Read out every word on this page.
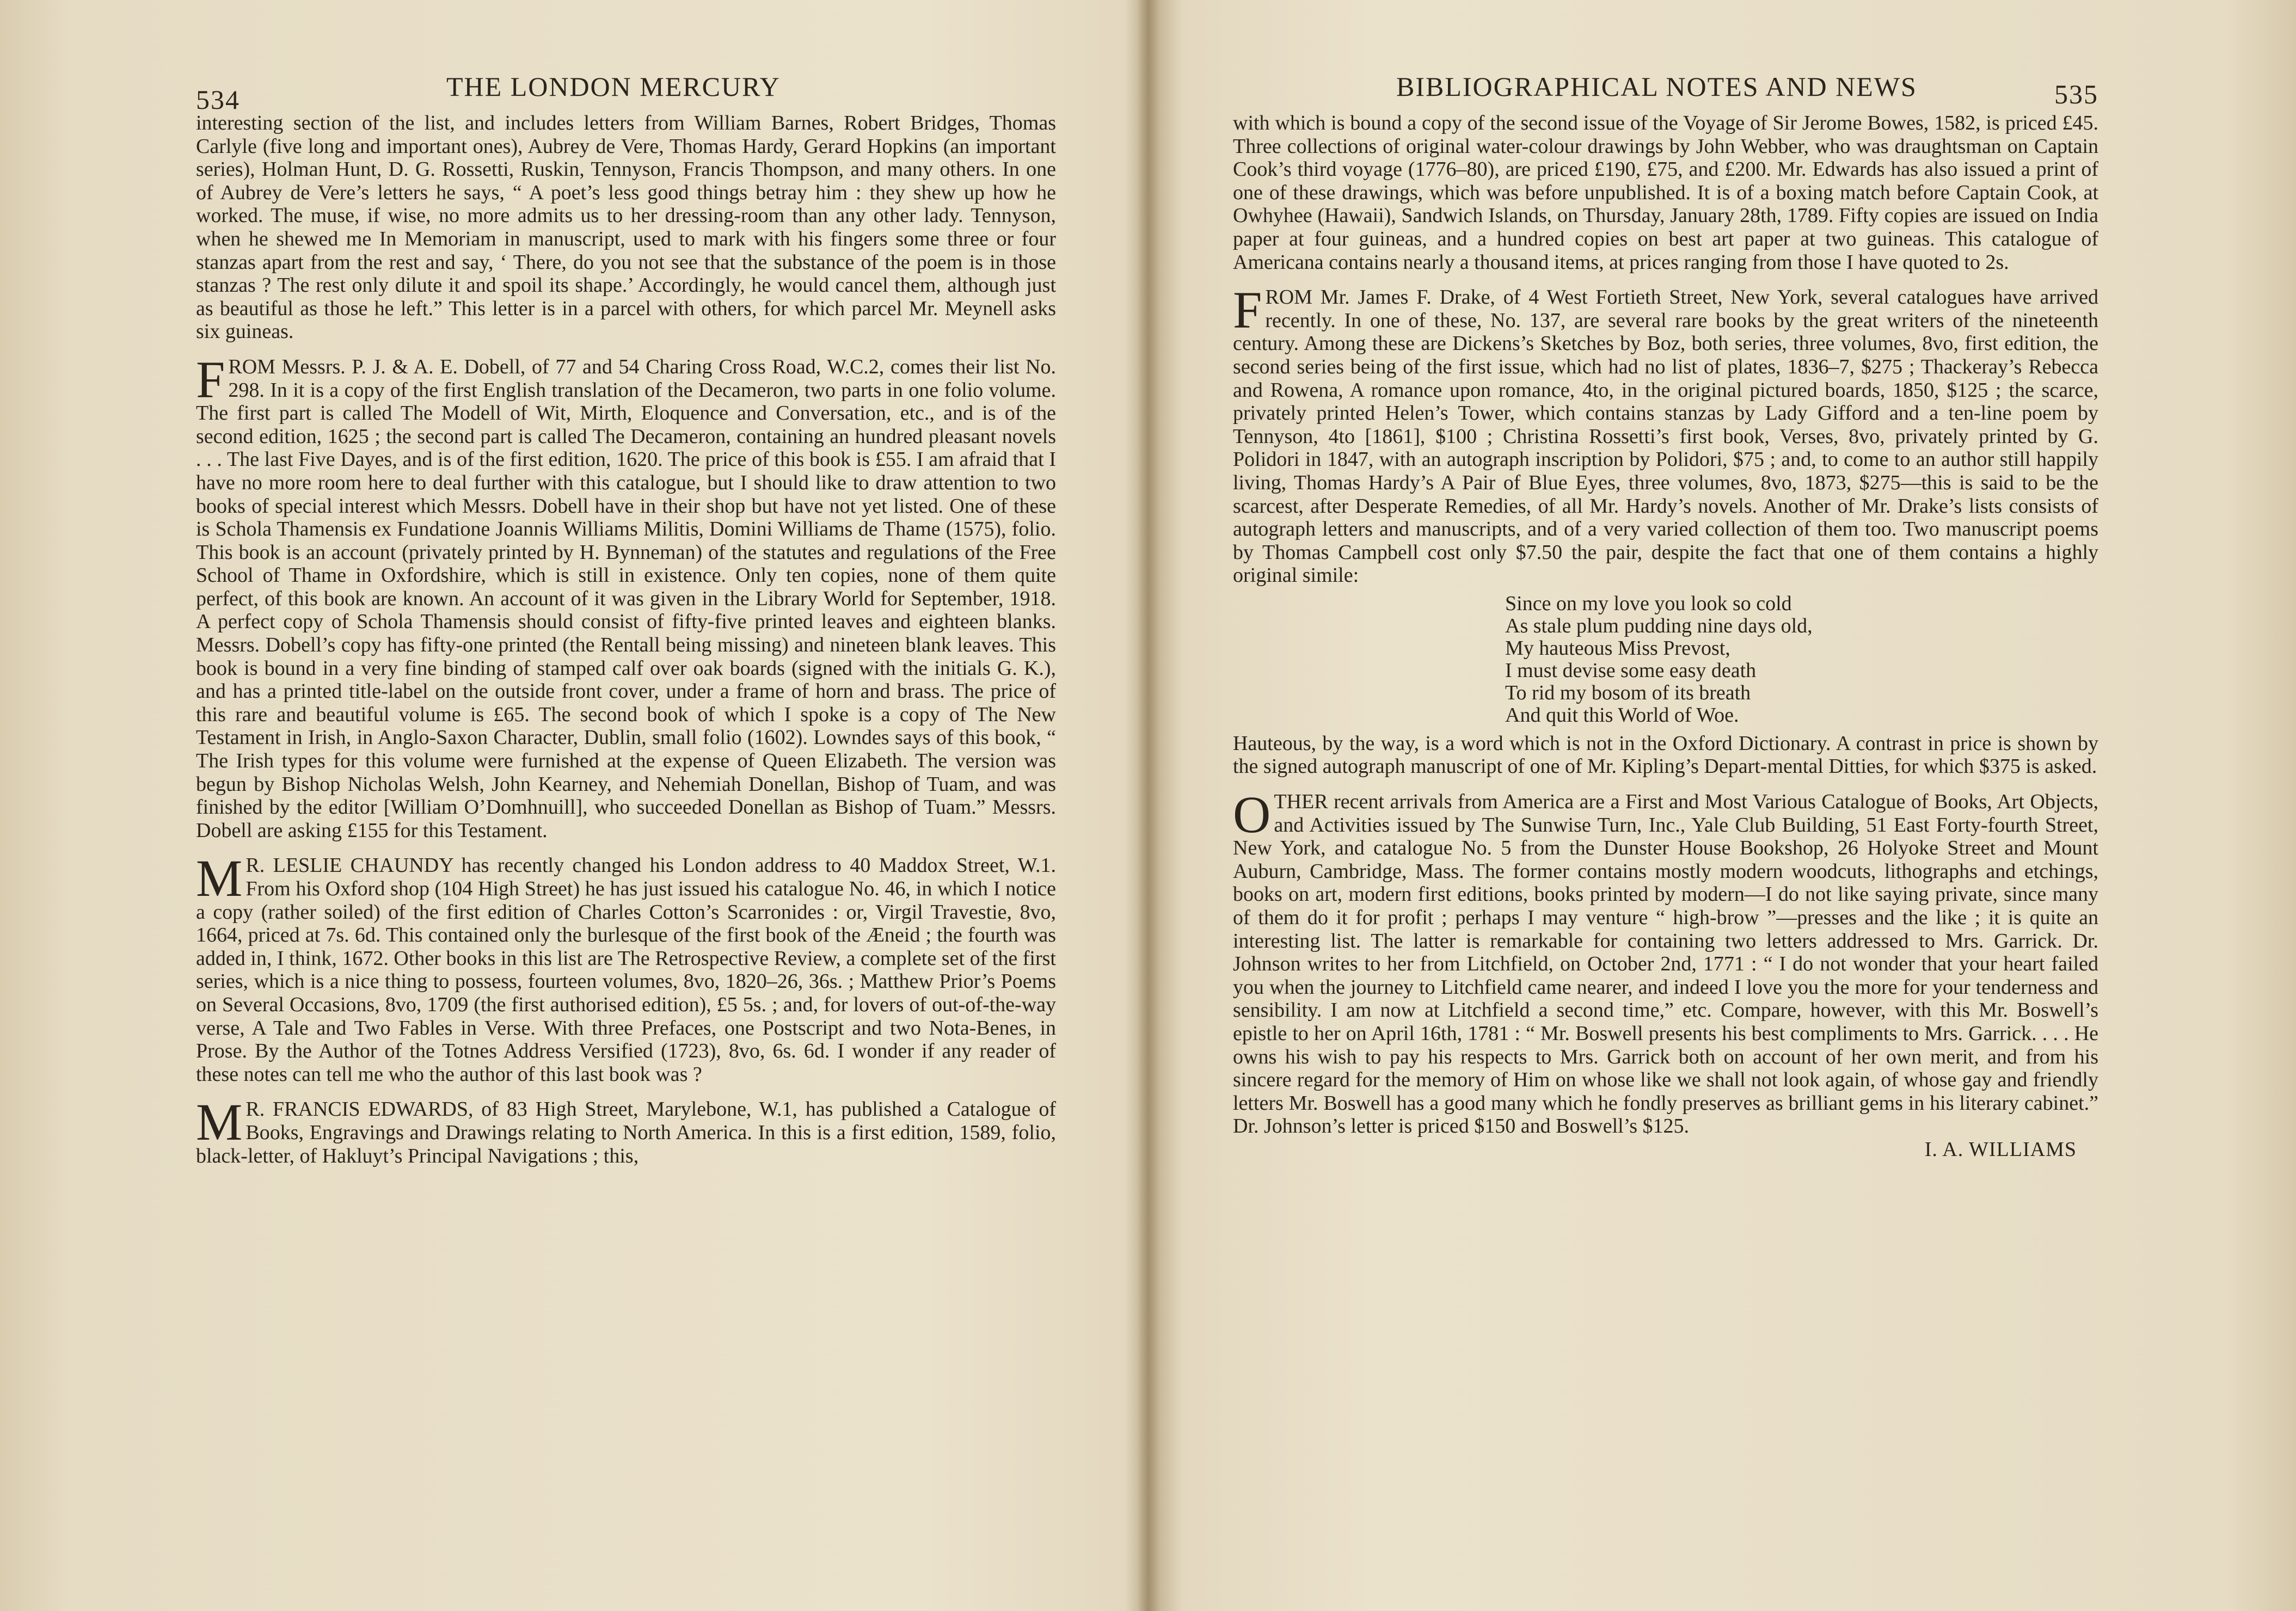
534	THE LONDON MERCURY

interesting section of the list, and includes letters from William Barnes, Robert Bridges, Thomas Carlyle (five long and important ones), Aubrey de Vere, Thomas Hardy, Gerard Hopkins (an important series), Holman Hunt, D. G. Rossetti, Ruskin, Tennyson, Francis Thompson, and many others. In one of Aubrey de Vere’s letters he says, “ A poet’s less good things betray him : they shew up how he worked. The muse, if wise, no more admits us to her dressing-room than any other lady. Tennyson, when he shewed me In Memoriam in manuscript, used to mark with his fingers some three or four stanzas apart from the rest and say, ‘ There, do you not see that the substance of the poem is in those stanzas ? The rest only dilute it and spoil its shape.’ Accordingly, he would cancel them, although just as beautiful as those he left.” This letter is in a parcel with others, for which parcel Mr. Meynell asks six guineas.

FROM Messrs. P. J. & A. E. Dobell, of 77 and 54 Charing Cross Road, W.C.2, comes their list No. 298. In it is a copy of the first English translation of the Decameron, two parts in one folio volume. The first part is called The Modell of Wit, Mirth, Eloquence and Conversation, etc., and is of the second edition, 1625 ; the second part is called The Decameron, containing an hundred pleasant novels . . . The last Five Dayes, and is of the first edition, 1620. The price of this book is £55. I am afraid that I have no more room here to deal further with this catalogue, but I should like to draw attention to two books of special interest which Messrs. Dobell have in their shop but have not yet listed. One of these is Schola Thamensis ex Fundatione Joannis Williams Militis, Domini Williams de Thame (1575), folio. This book is an account (privately printed by H. Bynneman) of the statutes and regulations of the Free School of Thame in Oxfordshire, which is still in existence. Only ten copies, none of them quite perfect, of this book are known. An account of it was given in the Library World for September, 1918. A perfect copy of Schola Thamensis should consist of fifty-five printed leaves and eighteen blanks. Messrs. Dobell’s copy has fifty-one printed (the Rentall being missing) and nineteen blank leaves. This book is bound in a very fine binding of stamped calf over oak boards (signed with the initials G. K.), and has a printed title-label on the outside front cover, under a frame of horn and brass. The price of this rare and beautiful volume is £65. The second book of which I spoke is a copy of The New Testament in Irish, in Anglo-Saxon Character, Dublin, small folio (1602). Lowndes says of this book, “ The Irish types for this volume were furnished at the expense of Queen Elizabeth. The version was begun by Bishop Nicholas Welsh, John Kearney, and Nehemiah Donellan, Bishop of Tuam, and was finished by the editor [William O’Domhnuill], who succeeded Donellan as Bishop of Tuam.” Messrs. Dobell are asking £155 for this Testament.

M R. LESLIE CHAUNDY has recently changed his London address to 40 Maddox Street, W.1. From his Oxford shop (104 High Street) he has just issued his catalogue No. 46, in which I notice a copy (rather soiled) of the first edition of Charles Cotton’s Scarronides : or, Virgil Travestie, 8vo, 1664, priced at 7s. 6d. This contained only the burlesque of the first book of the Æneid ; the fourth was added in, I think, 1672. Other books in this list are The Retrospective Review, a complete set of the first series, which is a nice thing to possess, fourteen volumes, 8vo, 1820–26, 36s. ; Matthew Prior’s Poems on Several Occasions, 8vo, 1709 (the first authorised edition), £5 5s. ; and, for lovers of out-of-the-way verse, A Tale and Two Fables in Verse. With three Prefaces, one Postscript and two Nota-Benes, in Prose. By the Author of the Totnes Address Versified (1723), 8vo, 6s. 6d. I wonder if any reader of these notes can tell me who the author of this last book was ?

M R. FRANCIS EDWARDS, of 83 High Street, Marylebone, W.1, has published a Catalogue of Books, Engravings and Drawings relating to North America. In this is a first edition, 1589, folio, black-letter, of Hakluyt’s Principal Navigations ; this,

BIBLIOGRAPHICAL NOTES AND NEWS	535

with which is bound a copy of the second issue of the Voyage of Sir Jerome Bowes, 1582, is priced £45. Three collections of original water-colour drawings by John Webber, who was draughtsman on Captain Cook’s third voyage (1776–80), are priced £190, £75, and £200. Mr. Edwards has also issued a print of one of these drawings, which was before unpublished. It is of a boxing match before Captain Cook, at Owhyhee (Hawaii), Sandwich Islands, on Thursday, January 28th, 1789. Fifty copies are issued on India paper at four guineas, and a hundred copies on best art paper at two guineas. This catalogue of Americana contains nearly a thousand items, at prices ranging from those I have quoted to 2s.

FROM Mr. James F. Drake, of 4 West Fortieth Street, New York, several catalogues have arrived recently. In one of these, No. 137, are several rare books by the great writers of the nineteenth century. Among these are Dickens’s Sketches by Boz, both series, three volumes, 8vo, first edition, the second series being of the first issue, which had no list of plates, 1836–7, $275 ; Thackeray’s Rebecca and Rowena, A romance upon romance, 4to, in the original pictured boards, 1850, $125 ; the scarce, privately printed Helen’s Tower, which contains stanzas by Lady Gifford and a ten-line poem by Tennyson, 4to [1861], $100 ; Christina Rossetti’s first book, Verses, 8vo, privately printed by G. Polidori in 1847, with an autograph inscription by Polidori, $75 ; and, to come to an author still happily living, Thomas Hardy’s A Pair of Blue Eyes, three volumes, 8vo, 1873, $275—this is said to be the scarcest, after Desperate Remedies, of all Mr. Hardy’s novels. Another of Mr. Drake’s lists consists of autograph letters and manuscripts, and of a very varied collection of them too. Two manuscript poems by Thomas Campbell cost only $7.50 the pair, despite the fact that one of them contains a highly original simile:

Since on my love you look so cold
As stale plum pudding nine days old,
My hauteous Miss Prevost,
I must devise some easy death
To rid my bosom of its breath
And quit this World of Woe.

Hauteous, by the way, is a word which is not in the Oxford Dictionary. A contrast in price is shown by the signed autograph manuscript of one of Mr. Kipling’s Depart-mental Ditties, for which $375 is asked.

OTHER recent arrivals from America are a First and Most Various Catalogue of Books, Art Objects, and Activities issued by The Sunwise Turn, Inc., Yale Club Building, 51 East Forty-fourth Street, New York, and catalogue No. 5 from the Dunster House Bookshop, 26 Holyoke Street and Mount Auburn, Cambridge, Mass. The former contains mostly modern woodcuts, lithographs and etchings, books on art, modern first editions, books printed by modern—I do not like saying private, since many of them do it for profit ; perhaps I may venture “ high-brow ”—presses and the like ; it is quite an interesting list. The latter is remarkable for containing two letters addressed to Mrs. Garrick. Dr. Johnson writes to her from Litchfield, on October 2nd, 1771 : “ I do not wonder that your heart failed you when the journey to Litchfield came nearer, and indeed I love you the more for your tenderness and sensibility. I am now at Litchfield a second time,” etc. Compare, however, with this Mr. Boswell’s epistle to her on April 16th, 1781 : “ Mr. Boswell presents his best compliments to Mrs. Garrick. . . . He owns his wish to pay his respects to Mrs. Garrick both on account of her own merit, and from his sincere regard for the memory of Him on whose like we shall not look again, of whose gay and friendly letters Mr. Boswell has a good many which he fondly preserves as brilliant gems in his literary cabinet.” Dr. Johnson’s letter is priced $150 and Boswell’s $125.

I. A. WILLIAMS
